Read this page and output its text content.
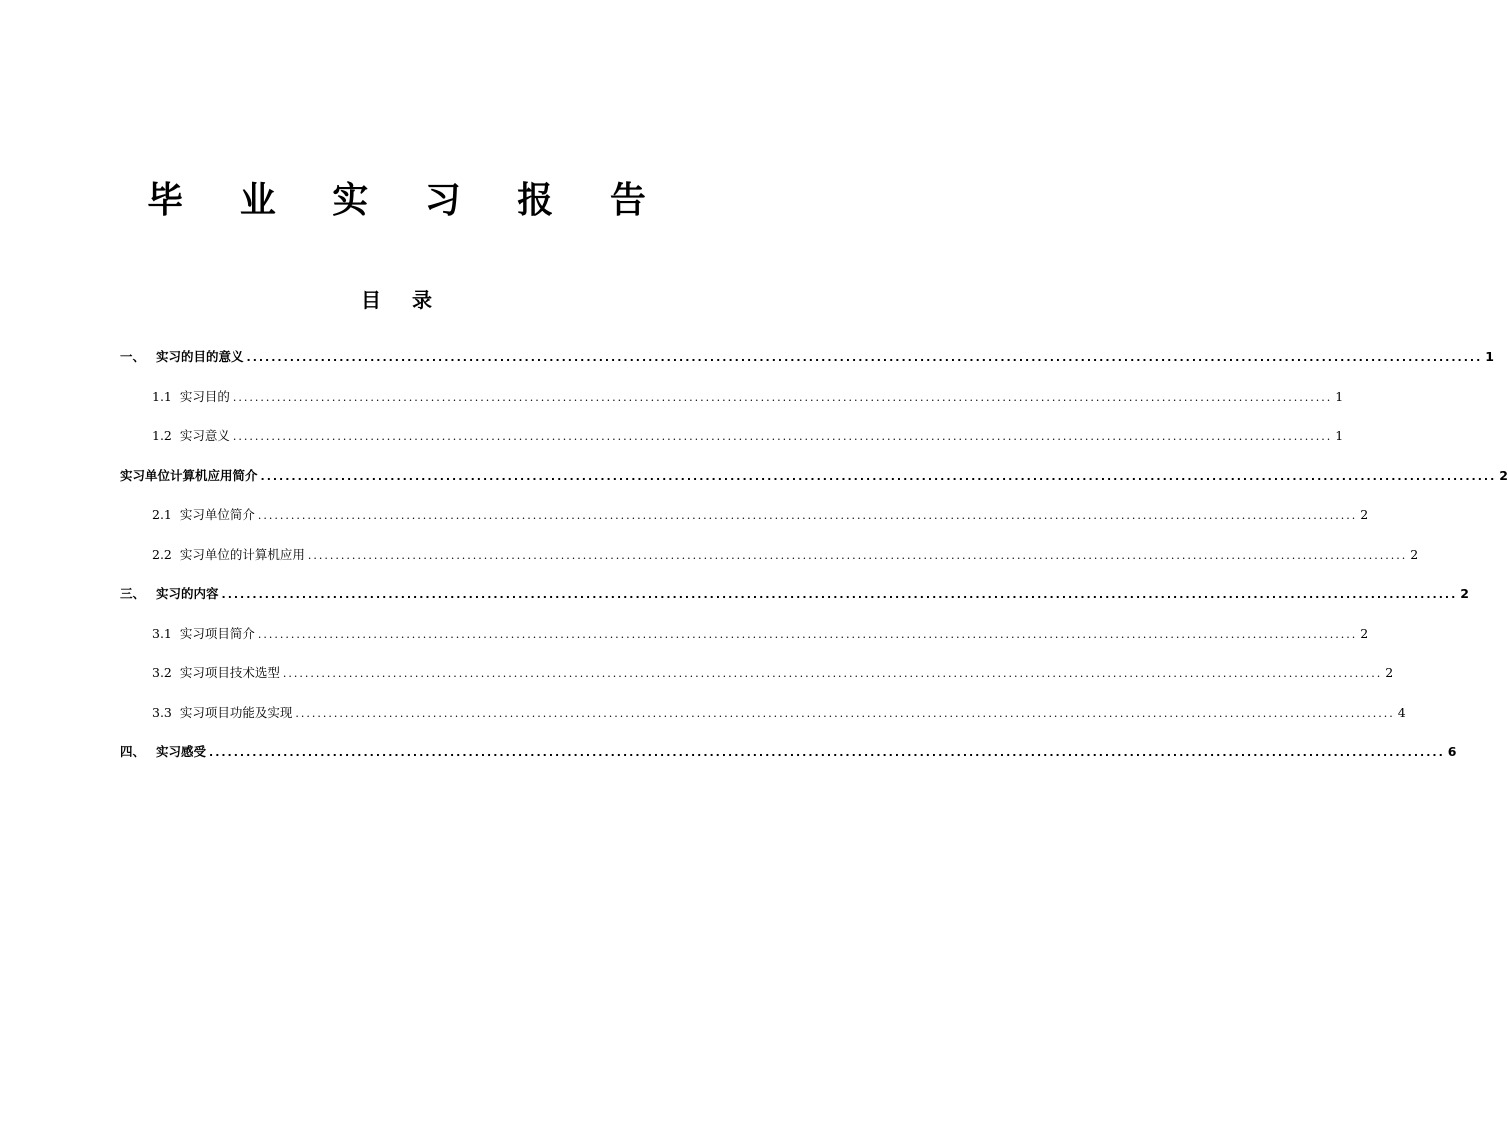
毕 业 实 习 报 告
目 录
一、 实习的目的意义 ........................................................................................................................................................................................................ 1
1.1 实习目的 ........................................................................................................................................................................................................ 1
1.2 实习意义 ........................................................................................................................................................................................................ 1
实习单位计算机应用简介 ........................................................................................................................................................................................................ 2
2.1 实习单位简介 ........................................................................................................................................................................................................ 2
2.2 实习单位的计算机应用 ........................................................................................................................................................................................................ 2
三、 实习的内容 ........................................................................................................................................................................................................ 2
3.1 实习项目简介 ........................................................................................................................................................................................................ 2
3.2 实习项目技术选型 ........................................................................................................................................................................................................ 2
3.3 实习项目功能及实现 ........................................................................................................................................................................................................ 4
四、 实习感受 ........................................................................................................................................................................................................ 6
